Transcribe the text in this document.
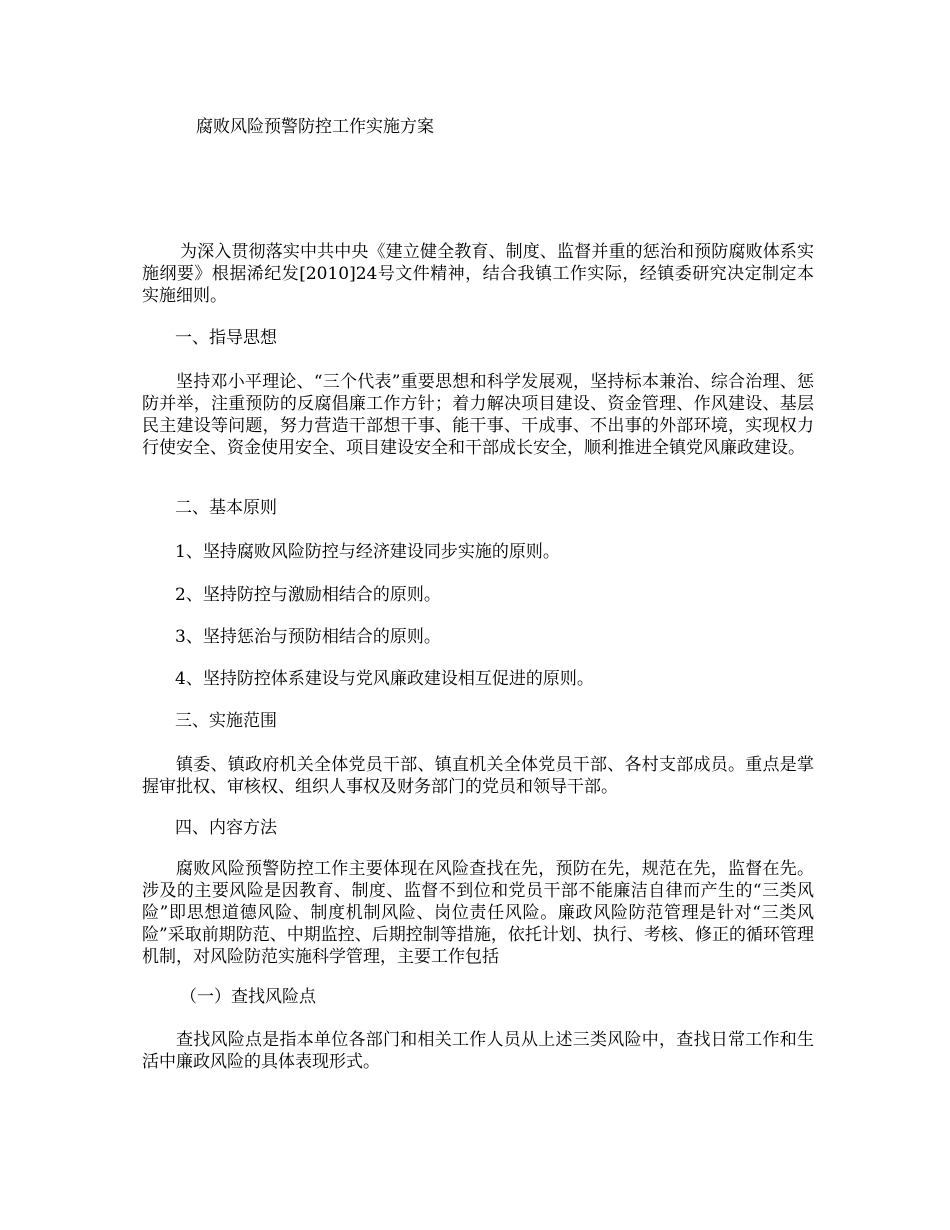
腐败风险预警防控工作实施方案

为深入贯彻落实中共中央《建立健全教育、制度、监督并重的惩治和预防腐败体系实施纲要》根据浠纪发[2010]24号文件精神，结合我镇工作实际，经镇委研究决定制定本实施细则。

一、指导思想

坚持邓小平理论、“三个代表”重要思想和科学发展观，坚持标本兼治、综合治理、惩防并举，注重预防的反腐倡廉工作方针；着力解决项目建设、资金管理、作风建设、基层民主建设等问题，努力营造干部想干事、能干事、干成事、不出事的外部环境，实现权力行使安全、资金使用安全、项目建设安全和干部成长安全，顺利推进全镇党风廉政建设。

二、基本原则

1、坚持腐败风险防控与经济建设同步实施的原则。

2、坚持防控与激励相结合的原则。

3、坚持惩治与预防相结合的原则。

4、坚持防控体系建设与党风廉政建设相互促进的原则。

三、实施范围

镇委、镇政府机关全体党员干部、镇直机关全体党员干部、各村支部成员。重点是掌握审批权、审核权、组织人事权及财务部门的党员和领导干部。

四、内容方法

腐败风险预警防控工作主要体现在风险查找在先，预防在先，规范在先，监督在先。涉及的主要风险是因教育、制度、监督不到位和党员干部不能廉洁自律而产生的“三类风险”即思想道德风险、制度机制风险、岗位责任风险。廉政风险防范管理是针对“三类风险”采取前期防范、中期监控、后期控制等措施，依托计划、执行、考核、修正的循环管理机制，对风险防范实施科学管理，主要工作包括

（一）查找风险点

查找风险点是指本单位各部门和相关工作人员从上述三类风险中，查找日常工作和生活中廉政风险的具体表现形式。
